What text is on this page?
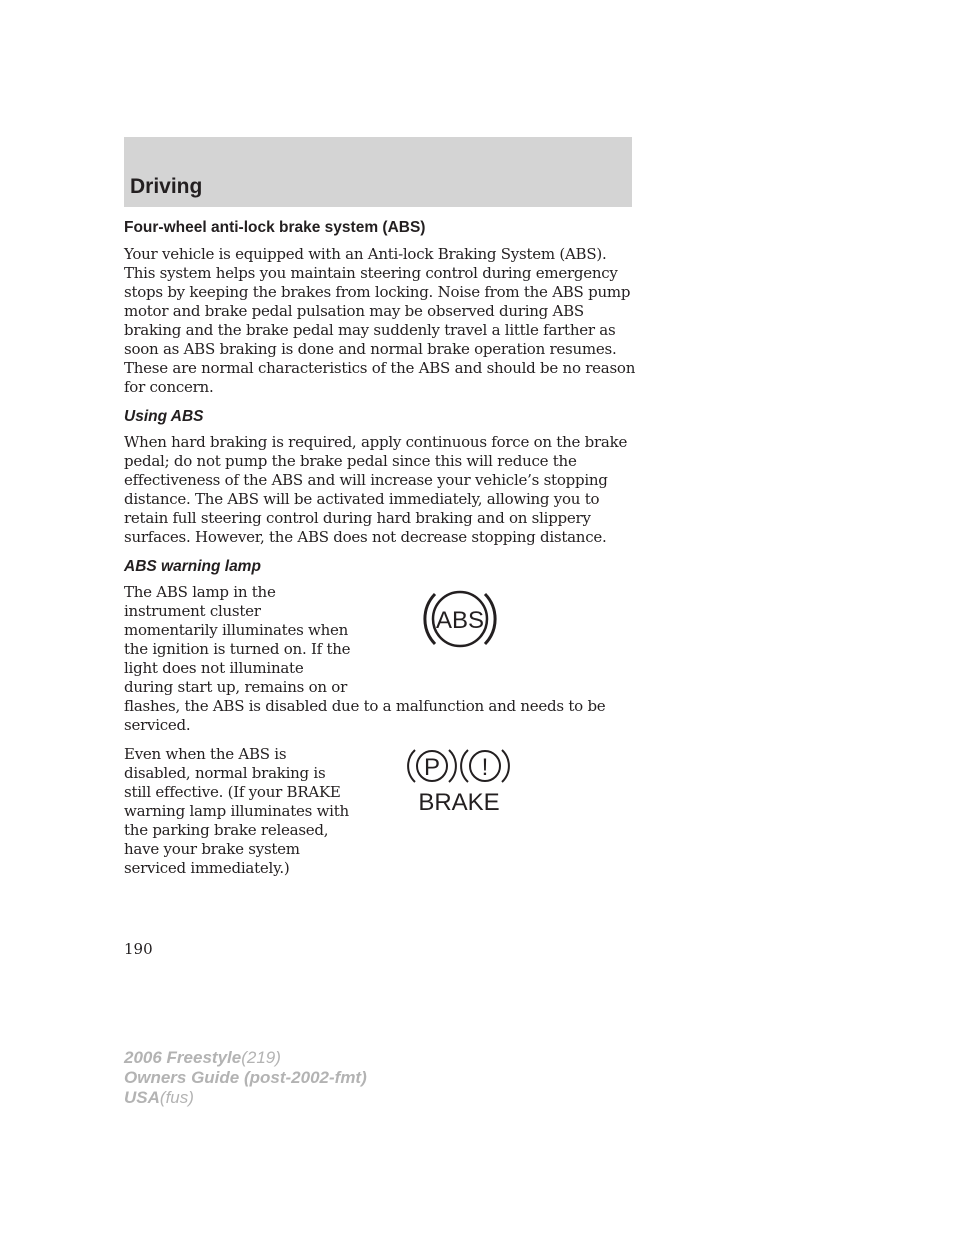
Driving
Four-wheel anti-lock brake system (ABS)

Your vehicle is equipped with an Anti-lock Braking System (ABS). This system helps you maintain steering control during emergency stops by keeping the brakes from locking. Noise from the ABS pump motor and brake pedal pulsation may be observed during ABS braking and the brake pedal may suddenly travel a little farther as soon as ABS braking is done and normal brake operation resumes. These are normal characteristics of the ABS and should be no reason for concern.

Using ABS

When hard braking is required, apply continuous force on the brake pedal; do not pump the brake pedal since this will reduce the effectiveness of the ABS and will increase your vehicle’s stopping distance. The ABS will be activated immediately, allowing you to retain full steering control during hard braking and on slippery surfaces. However, the ABS does not decrease stopping distance.

ABS warning lamp
ABS

The ABS lamp in the instrument cluster momentarily illuminates when the ignition is turned on. If the light does not illuminate during start up, remains on or flashes, the ABS is disabled due to a malfunction and needs to be serviced.

P !
BRAKE

Even when the ABS is disabled, normal braking is still effective. (If your BRAKE warning lamp illuminates with the parking brake released, have your brake system serviced immediately.)

190

2006 Freestyle(219)
Owners Guide (post-2002-fmt)
USA(fus)
